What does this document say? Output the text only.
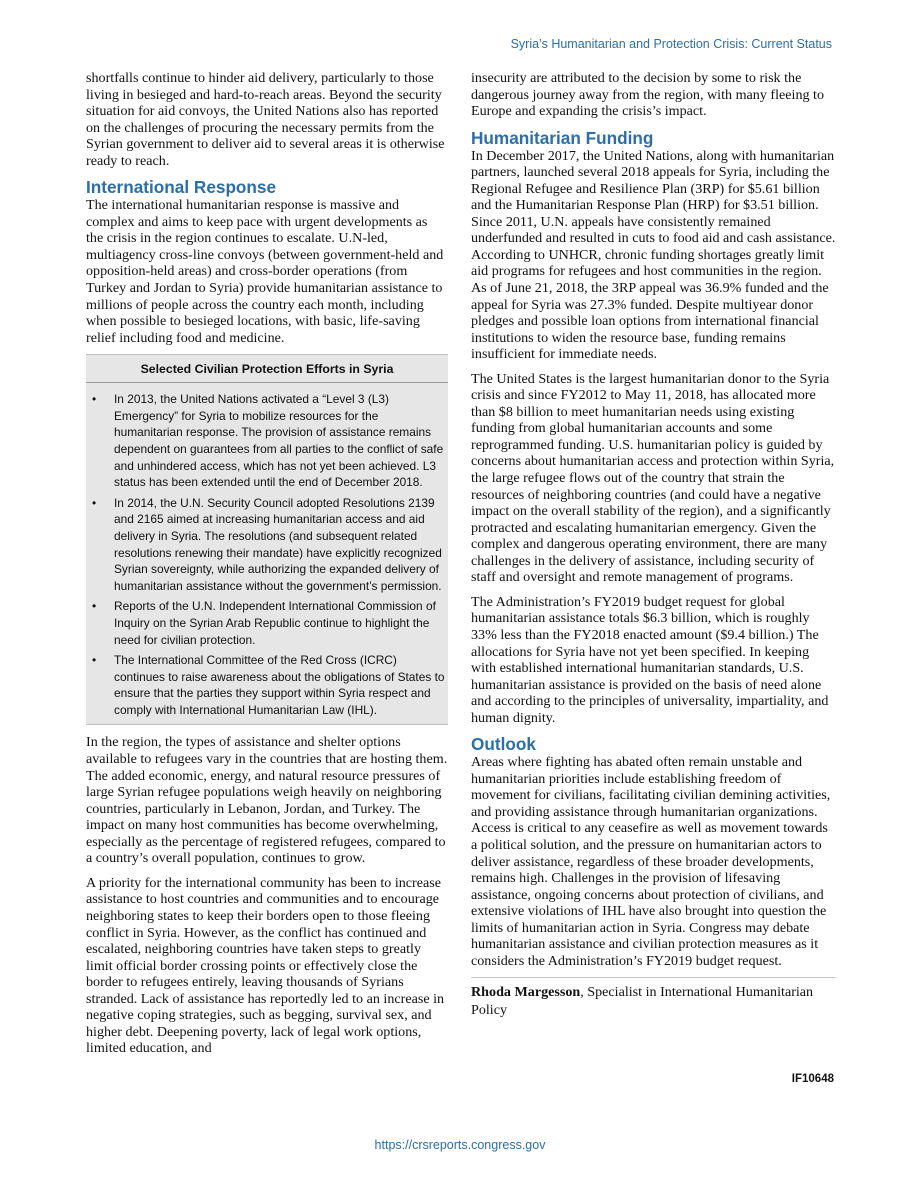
Syria’s Humanitarian and Protection Crisis: Current Status

shortfalls continue to hinder aid delivery, particularly to those living in besieged and hard-to-reach areas. Beyond the security situation for aid convoys, the United Nations also has reported on the challenges of procuring the necessary permits from the Syrian government to deliver aid to several areas it is otherwise ready to reach.

International Response

The international humanitarian response is massive and complex and aims to keep pace with urgent developments as the crisis in the region continues to escalate. U.N-led, multiagency cross-line convoys (between government-held and opposition-held areas) and cross-border operations (from Turkey and Jordan to Syria) provide humanitarian assistance to millions of people across the country each month, including when possible to besieged locations, with basic, life-saving relief including food and medicine.

Selected Civilian Protection Efforts in Syria
• In 2013, the United Nations activated a “Level 3 (L3) Emergency” for Syria to mobilize resources for the humanitarian response. The provision of assistance remains dependent on guarantees from all parties to the conflict of safe and unhindered access, which has not yet been achieved. L3 status has been extended until the end of December 2018.
• In 2014, the U.N. Security Council adopted Resolutions 2139 and 2165 aimed at increasing humanitarian access and aid delivery in Syria. The resolutions (and subsequent related resolutions renewing their mandate) have explicitly recognized Syrian sovereignty, while authorizing the expanded delivery of humanitarian assistance without the government’s permission.
• Reports of the U.N. Independent International Commission of Inquiry on the Syrian Arab Republic continue to highlight the need for civilian protection.
• The International Committee of the Red Cross (ICRC) continues to raise awareness about the obligations of States to ensure that the parties they support within Syria respect and comply with International Humanitarian Law (IHL).

In the region, the types of assistance and shelter options available to refugees vary in the countries that are hosting them. The added economic, energy, and natural resource pressures of large Syrian refugee populations weigh heavily on neighboring countries, particularly in Lebanon, Jordan, and Turkey. The impact on many host communities has become overwhelming, especially as the percentage of registered refugees, compared to a country’s overall population, continues to grow.

A priority for the international community has been to increase assistance to host countries and communities and to encourage neighboring states to keep their borders open to those fleeing conflict in Syria. However, as the conflict has continued and escalated, neighboring countries have taken steps to greatly limit official border crossing points or effectively close the border to refugees entirely, leaving thousands of Syrians stranded. Lack of assistance has reportedly led to an increase in negative coping strategies, such as begging, survival sex, and higher debt. Deepening poverty, lack of legal work options, limited education, and

insecurity are attributed to the decision by some to risk the dangerous journey away from the region, with many fleeing to Europe and expanding the crisis’s impact.

Humanitarian Funding

In December 2017, the United Nations, along with humanitarian partners, launched several 2018 appeals for Syria, including the Regional Refugee and Resilience Plan (3RP) for $5.61 billion and the Humanitarian Response Plan (HRP) for $3.51 billion. Since 2011, U.N. appeals have consistently remained underfunded and resulted in cuts to food aid and cash assistance. According to UNHCR, chronic funding shortages greatly limit aid programs for refugees and host communities in the region. As of June 21, 2018, the 3RP appeal was 36.9% funded and the appeal for Syria was 27.3% funded. Despite multiyear donor pledges and possible loan options from international financial institutions to widen the resource base, funding remains insufficient for immediate needs.

The United States is the largest humanitarian donor to the Syria crisis and since FY2012 to May 11, 2018, has allocated more than $8 billion to meet humanitarian needs using existing funding from global humanitarian accounts and some reprogrammed funding. U.S. humanitarian policy is guided by concerns about humanitarian access and protection within Syria, the large refugee flows out of the country that strain the resources of neighboring countries (and could have a negative impact on the overall stability of the region), and a significantly protracted and escalating humanitarian emergency. Given the complex and dangerous operating environment, there are many challenges in the delivery of assistance, including security of staff and oversight and remote management of programs.

The Administration’s FY2019 budget request for global humanitarian assistance totals $6.3 billion, which is roughly 33% less than the FY2018 enacted amount ($9.4 billion.) The allocations for Syria have not yet been specified. In keeping with established international humanitarian standards, U.S. humanitarian assistance is provided on the basis of need alone and according to the principles of universality, impartiality, and human dignity.

Outlook

Areas where fighting has abated often remain unstable and humanitarian priorities include establishing freedom of movement for civilians, facilitating civilian demining activities, and providing assistance through humanitarian organizations. Access is critical to any ceasefire as well as movement towards a political solution, and the pressure on humanitarian actors to deliver assistance, regardless of these broader developments, remains high. Challenges in the provision of lifesaving assistance, ongoing concerns about protection of civilians, and extensive violations of IHL have also brought into question the limits of humanitarian action in Syria. Congress may debate humanitarian assistance and civilian protection measures as it considers the Administration’s FY2019 budget request.

Rhoda Margesson, Specialist in International Humanitarian Policy

IF10648
https://crsreports.congress.gov
